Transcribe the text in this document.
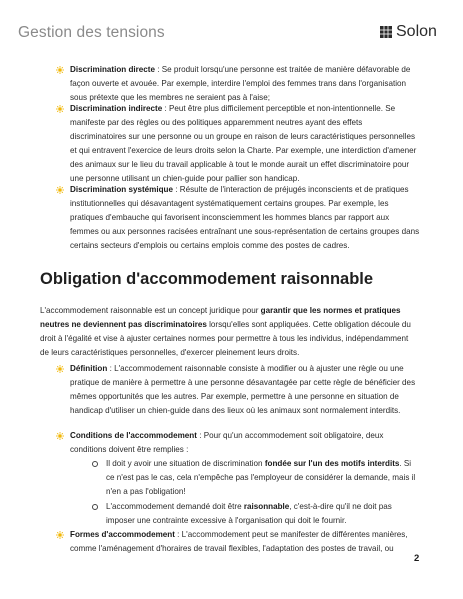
Gestion des tensions	Solon

Discrimination directe : Se produit lorsqu'une personne est traitée de manière défavorable de façon ouverte et avouée. Par exemple, interdire l'emploi des femmes trans dans l'organisation sous prétexte que les membres ne seraient pas à l'aise;

Discrimination indirecte : Peut être plus difficilement perceptible et non-intentionnelle. Se manifeste par des règles ou des politiques apparemment neutres ayant des effets discriminatoires sur une personne ou un groupe en raison de leurs caractéristiques personnelles et qui entravent l'exercice de leurs droits selon la Charte. Par exemple, une interdiction d'amener des animaux sur le lieu du travail applicable à tout le monde aurait un effet discriminatoire pour une personne utilisant un chien-guide pour pallier son handicap.

Discrimination systémique : Résulte de l'interaction de préjugés inconscients et de pratiques institutionnelles qui désavantagent systématiquement certains groupes. Par exemple, les pratiques d'embauche qui favorisent inconsciemment les hommes blancs par rapport aux femmes ou aux personnes racisées entraînant une sous-représentation de certains groupes dans certains secteurs d'emplois ou certains emplois comme des postes de cadres.

Obligation d'accommodement raisonnable

L'accommodement raisonnable est un concept juridique pour garantir que les normes et pratiques neutres ne deviennent pas discriminatoires lorsqu'elles sont appliquées. Cette obligation découle du droit à l'égalité et vise à ajuster certaines normes pour permettre à tous les individus, indépendamment de leurs caractéristiques personnelles, d'exercer pleinement leurs droits.

Définition : L'accommodement raisonnable consiste à modifier ou à ajuster une règle ou une pratique de manière à permettre à une personne désavantagée par cette règle de bénéficier des mêmes opportunités que les autres. Par exemple, permettre à une personne en situation de handicap d'utiliser un chien-guide dans des lieux où les animaux sont normalement interdits.

Conditions de l'accommodement : Pour qu'un accommodement soit obligatoire, deux conditions doivent être remplies :

Il doit y avoir une situation de discrimination fondée sur l'un des motifs interdits. Si ce n'est pas le cas, cela n'empêche pas l'employeur de considérer la demande, mais il n'en a pas l'obligation!

L'accommodement demandé doit être raisonnable, c'est-à-dire qu'il ne doit pas imposer une contrainte excessive à l'organisation qui doit le fournir.

Formes d'accommodement : L'accommodement peut se manifester de différentes manières, comme l'aménagement d'horaires de travail flexibles, l'adaptation des postes de travail, ou

2
